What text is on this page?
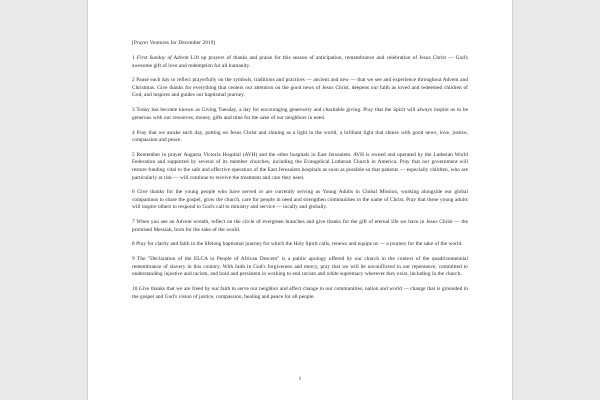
[Prayer Ventures for December 2019]

1 First Sunday of Advent Lift up prayers of thanks and praise for this season of anticipation, remembrance and celebration of Jesus Christ — God's awesome gift of love and redemption for all humanity.

2 Pause each day to reflect prayerfully on the symbols, traditions and practices — ancient and new — that we see and experience throughout Advent and Christmas. Give thanks for everything that centers our attention on the good news of Jesus Christ, deepens our faith as loved and redeemed children of God, and inspires and guides our baptismal journey.

3 Today has become known as Giving Tuesday, a day for encouraging generosity and charitable giving. Pray that the Spirit will always inspire us to be generous with our resources, money, gifts and time for the sake of our neighbors in need.

4 Pray that we awake each day, putting on Jesus Christ and shining as a light in the world, a brilliant light that shines with good news, love, justice, compassion and peace.

5 Remember in prayer Augusta Victoria Hospital (AVH) and the other hospitals in East Jerusalem. AVH is owned and operated by the Lutheran World Federation and supported by several of its member churches, including the Evangelical Lutheran Church in America. Pray that our government will restore funding vital to the safe and effective operation of the East Jerusalem hospitals as soon as possible so that patients — especially children, who are particularly at risk — will continue to receive the treatment and care they need.

6 Give thanks for the young people who have served or are currently serving as Young Adults in Global Mission, working alongside our global companions to share the gospel, grow the church, care for people in need and strengthen communities in the name of Christ. Pray that these young adults will inspire others to respond to God's call to ministry and service — locally and globally.

7 When you see an Advent wreath, reflect on the circle of evergreen branches and give thanks for the gift of eternal life we have in Jesus Christ — the promised Messiah, born for the sake of the world.

8 Pray for clarity and faith in the lifelong baptismal journey for which the Holy Spirit calls, renews and equips us — a journey for the sake of the world.

9 The "Declaration of the ELCA to People of African Descent" is a public apology offered by our church in the context of the quadricentennial remembrance of slavery in this country. With faith in God's forgiveness and mercy, pray that we will be unconflicted in our repentance, committed to understanding injustice and racism, and bold and persistent in working to end racism and white supremacy wherever they exist, including in the church.

10 Give thanks that we are freed by our faith to serve our neighbor and affect change in our communities, nation and world — change that is grounded in the gospel and God's vision of justice, compassion, healing and peace for all people.

1
